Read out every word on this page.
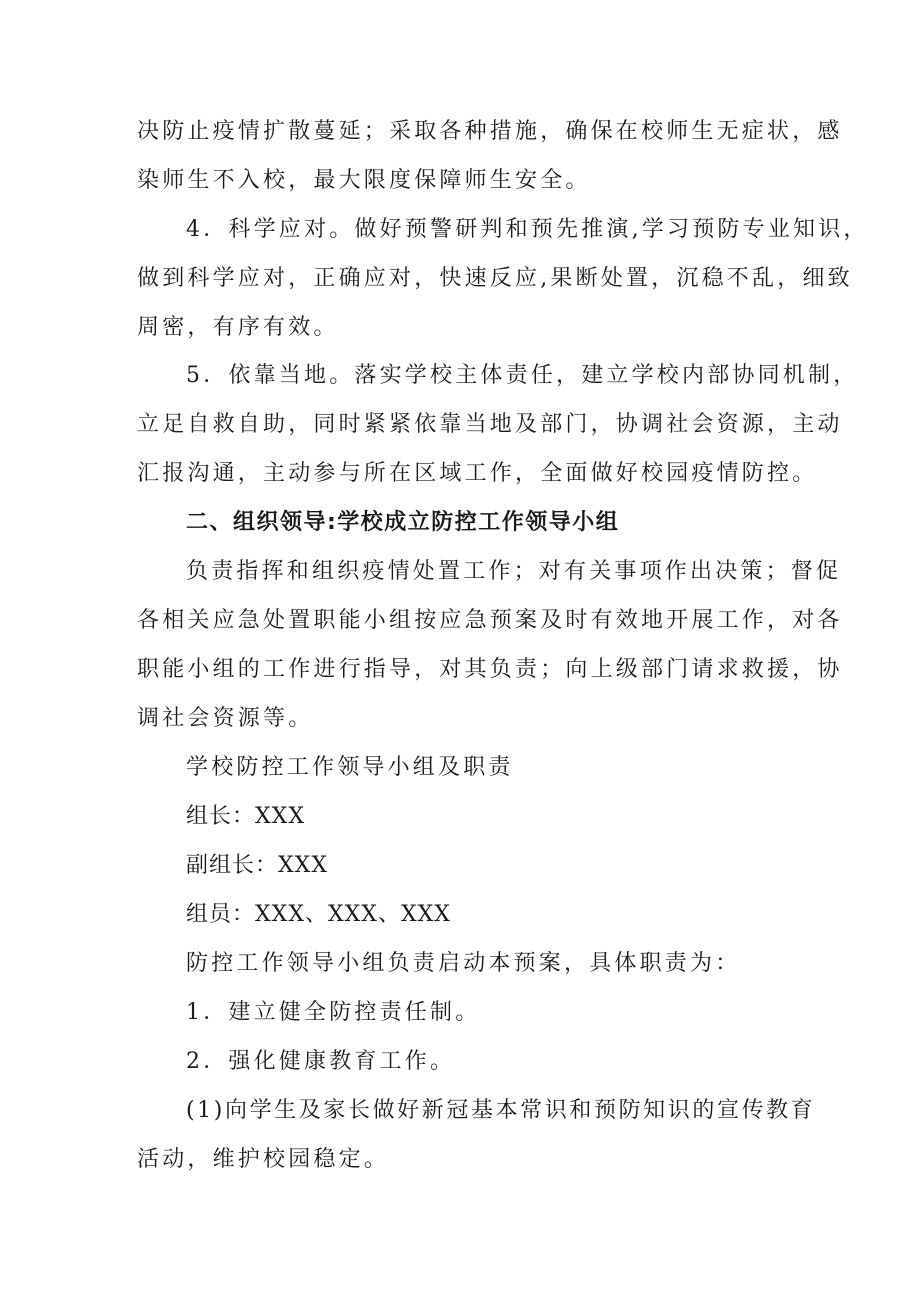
决防止疫情扩散蔓延；采取各种措施，确保在校师生无症状，感
染师生不入校，最大限度保障师生安全。
4．科学应对。做好预警研判和预先推演,学习预防专业知识，
做到科学应对，正确应对，快速反应,果断处置，沉稳不乱，细致
周密，有序有效。
5．依靠当地。落实学校主体责任，建立学校内部协同机制，
立足自救自助，同时紧紧依靠当地及部门，协调社会资源，主动
汇报沟通，主动参与所在区域工作，全面做好校园疫情防控。
二、组织领导:学校成立防控工作领导小组
负责指挥和组织疫情处置工作；对有关事项作出决策；督促
各相关应急处置职能小组按应急预案及时有效地开展工作，对各
职能小组的工作进行指导，对其负责；向上级部门请求救援，协
调社会资源等。
学校防控工作领导小组及职责
组长：XXX
副组长：XXX
组员：XXX、XXX、XXX
防控工作领导小组负责启动本预案，具体职责为：
1．建立健全防控责任制。
2．强化健康教育工作。
(1)向学生及家长做好新冠基本常识和预防知识的宣传教育
活动，维护校园稳定。
